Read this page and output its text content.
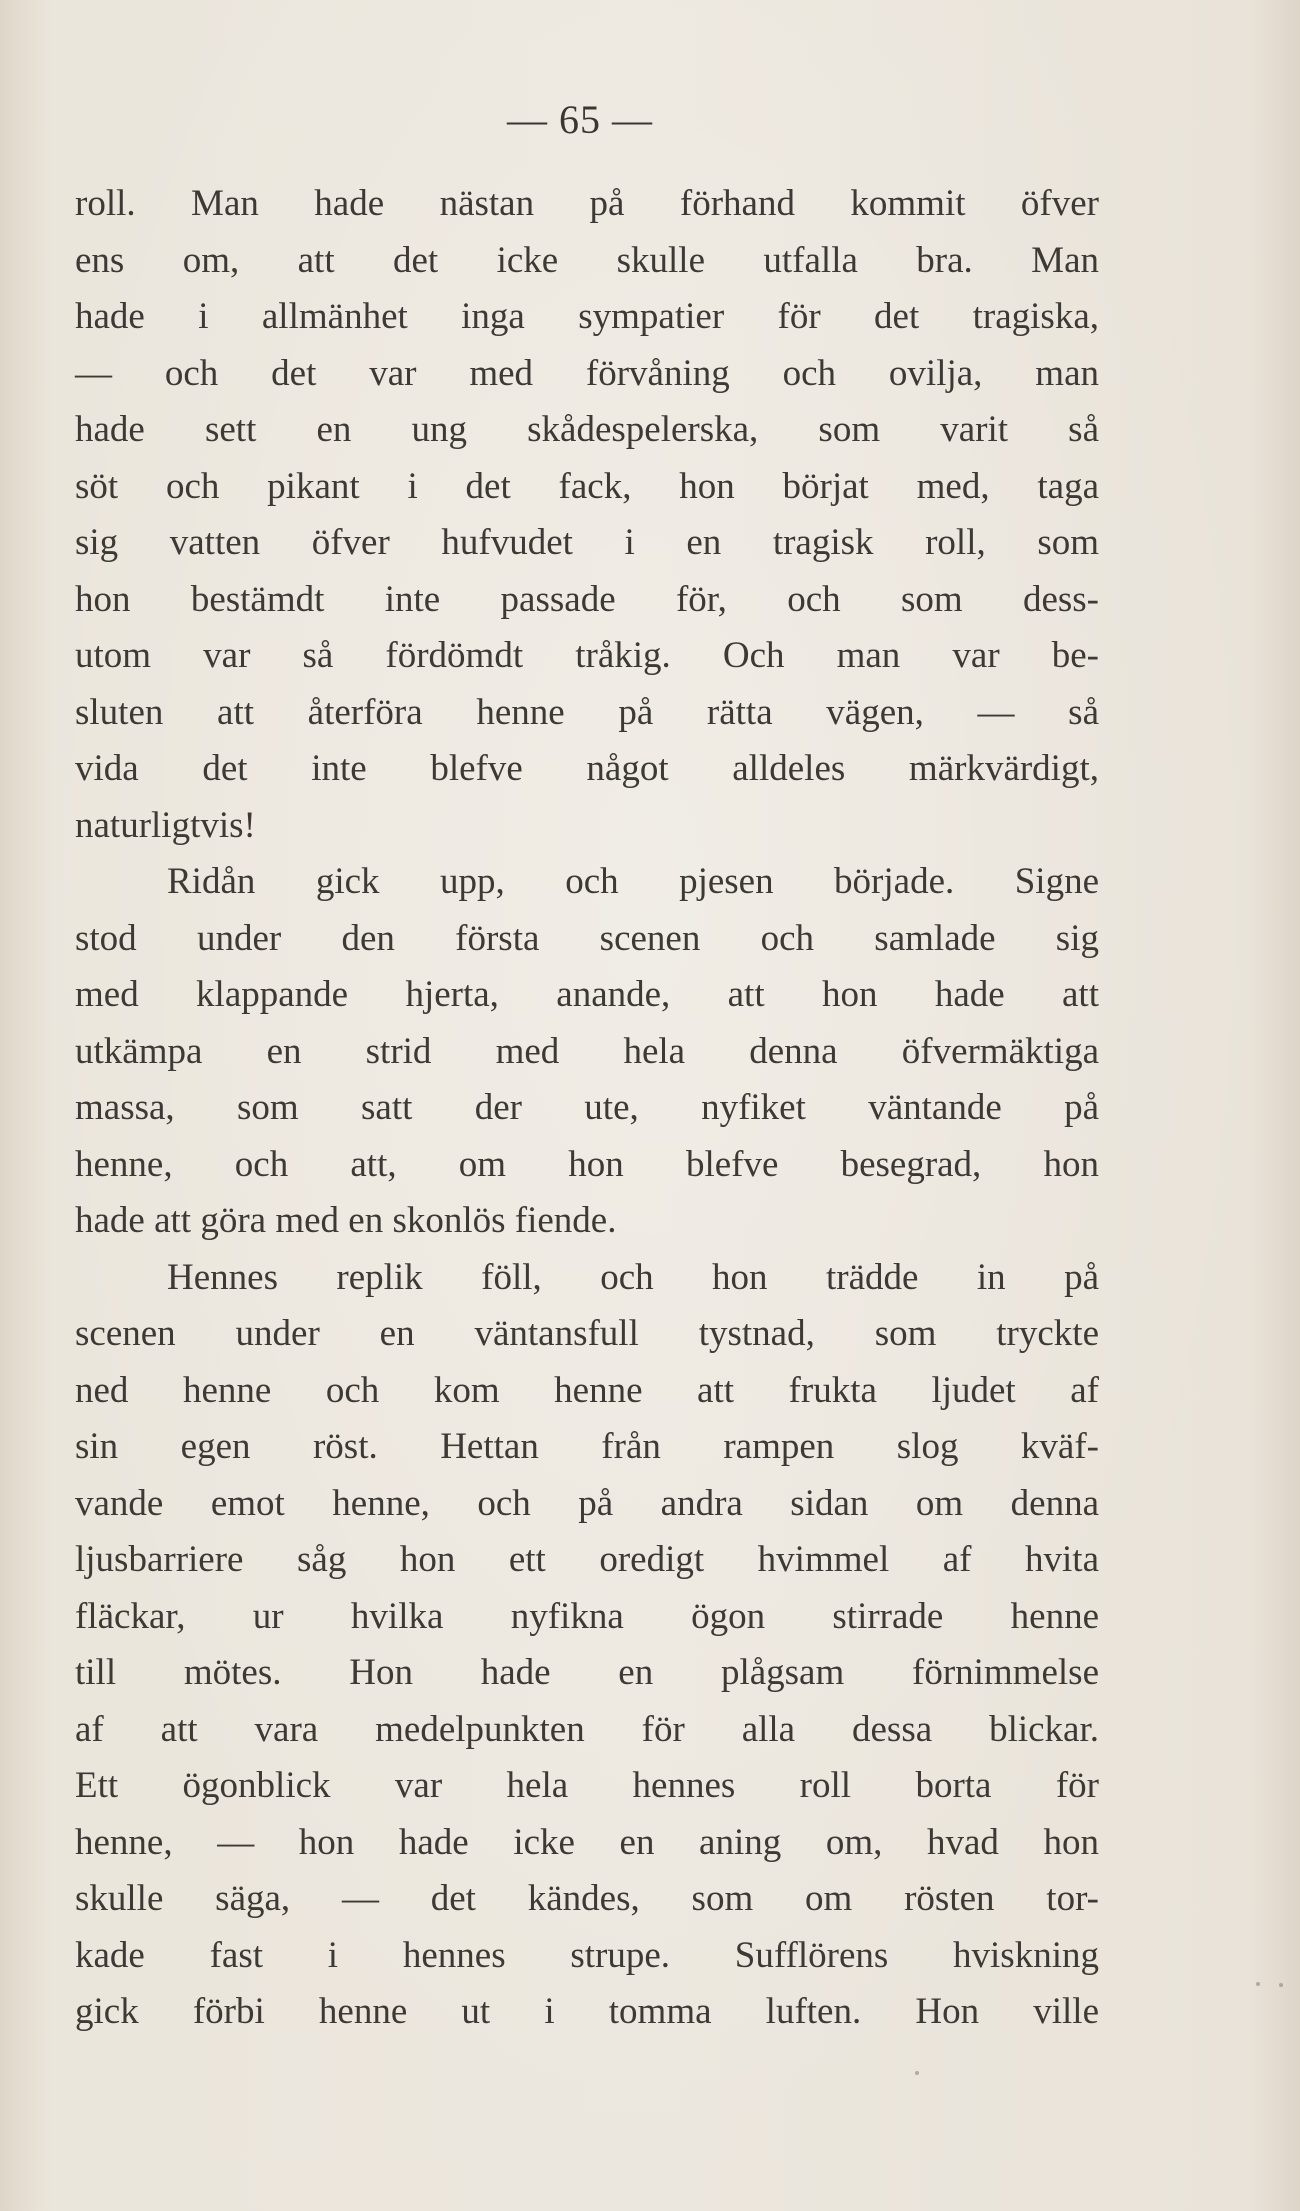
— 65 —
roll. Man hade nästan på förhand kommit öfver
ens om, att det icke skulle utfalla bra. Man
hade i allmänhet inga sympatier för det tragiska,
— och det var med förvåning och ovilja, man
hade sett en ung skådespelerska, som varit så
söt och pikant i det fack, hon börjat med, taga
sig vatten öfver hufvudet i en tragisk roll, som
hon bestämdt inte passade för, och som dess-
utom var så fördömdt tråkig. Och man var be-
sluten att återföra henne på rätta vägen, — så
vida det inte blefve något alldeles märkvärdigt,
naturligtvis!
Ridån gick upp, och pjesen började. Signe
stod under den första scenen och samlade sig
med klappande hjerta, anande, att hon hade att
utkämpa en strid med hela denna öfvermäktiga
massa, som satt der ute, nyfiket väntande på
henne, och att, om hon blefve besegrad, hon
hade att göra med en skonlös fiende.
Hennes replik föll, och hon trädde in på
scenen under en väntansfull tystnad, som tryckte
ned henne och kom henne att frukta ljudet af
sin egen röst. Hettan från rampen slog kväf-
vande emot henne, och på andra sidan om denna
ljusbarriere såg hon ett oredigt hvimmel af hvita
fläckar, ur hvilka nyfikna ögon stirrade henne
till mötes. Hon hade en plågsam förnimmelse
af att vara medelpunkten för alla dessa blickar.
Ett ögonblick var hela hennes roll borta för
henne, — hon hade icke en aning om, hvad hon
skulle säga, — det kändes, som om rösten tor-
kade fast i hennes strupe. Sufflörens hviskning
gick förbi henne ut i tomma luften. Hon ville
